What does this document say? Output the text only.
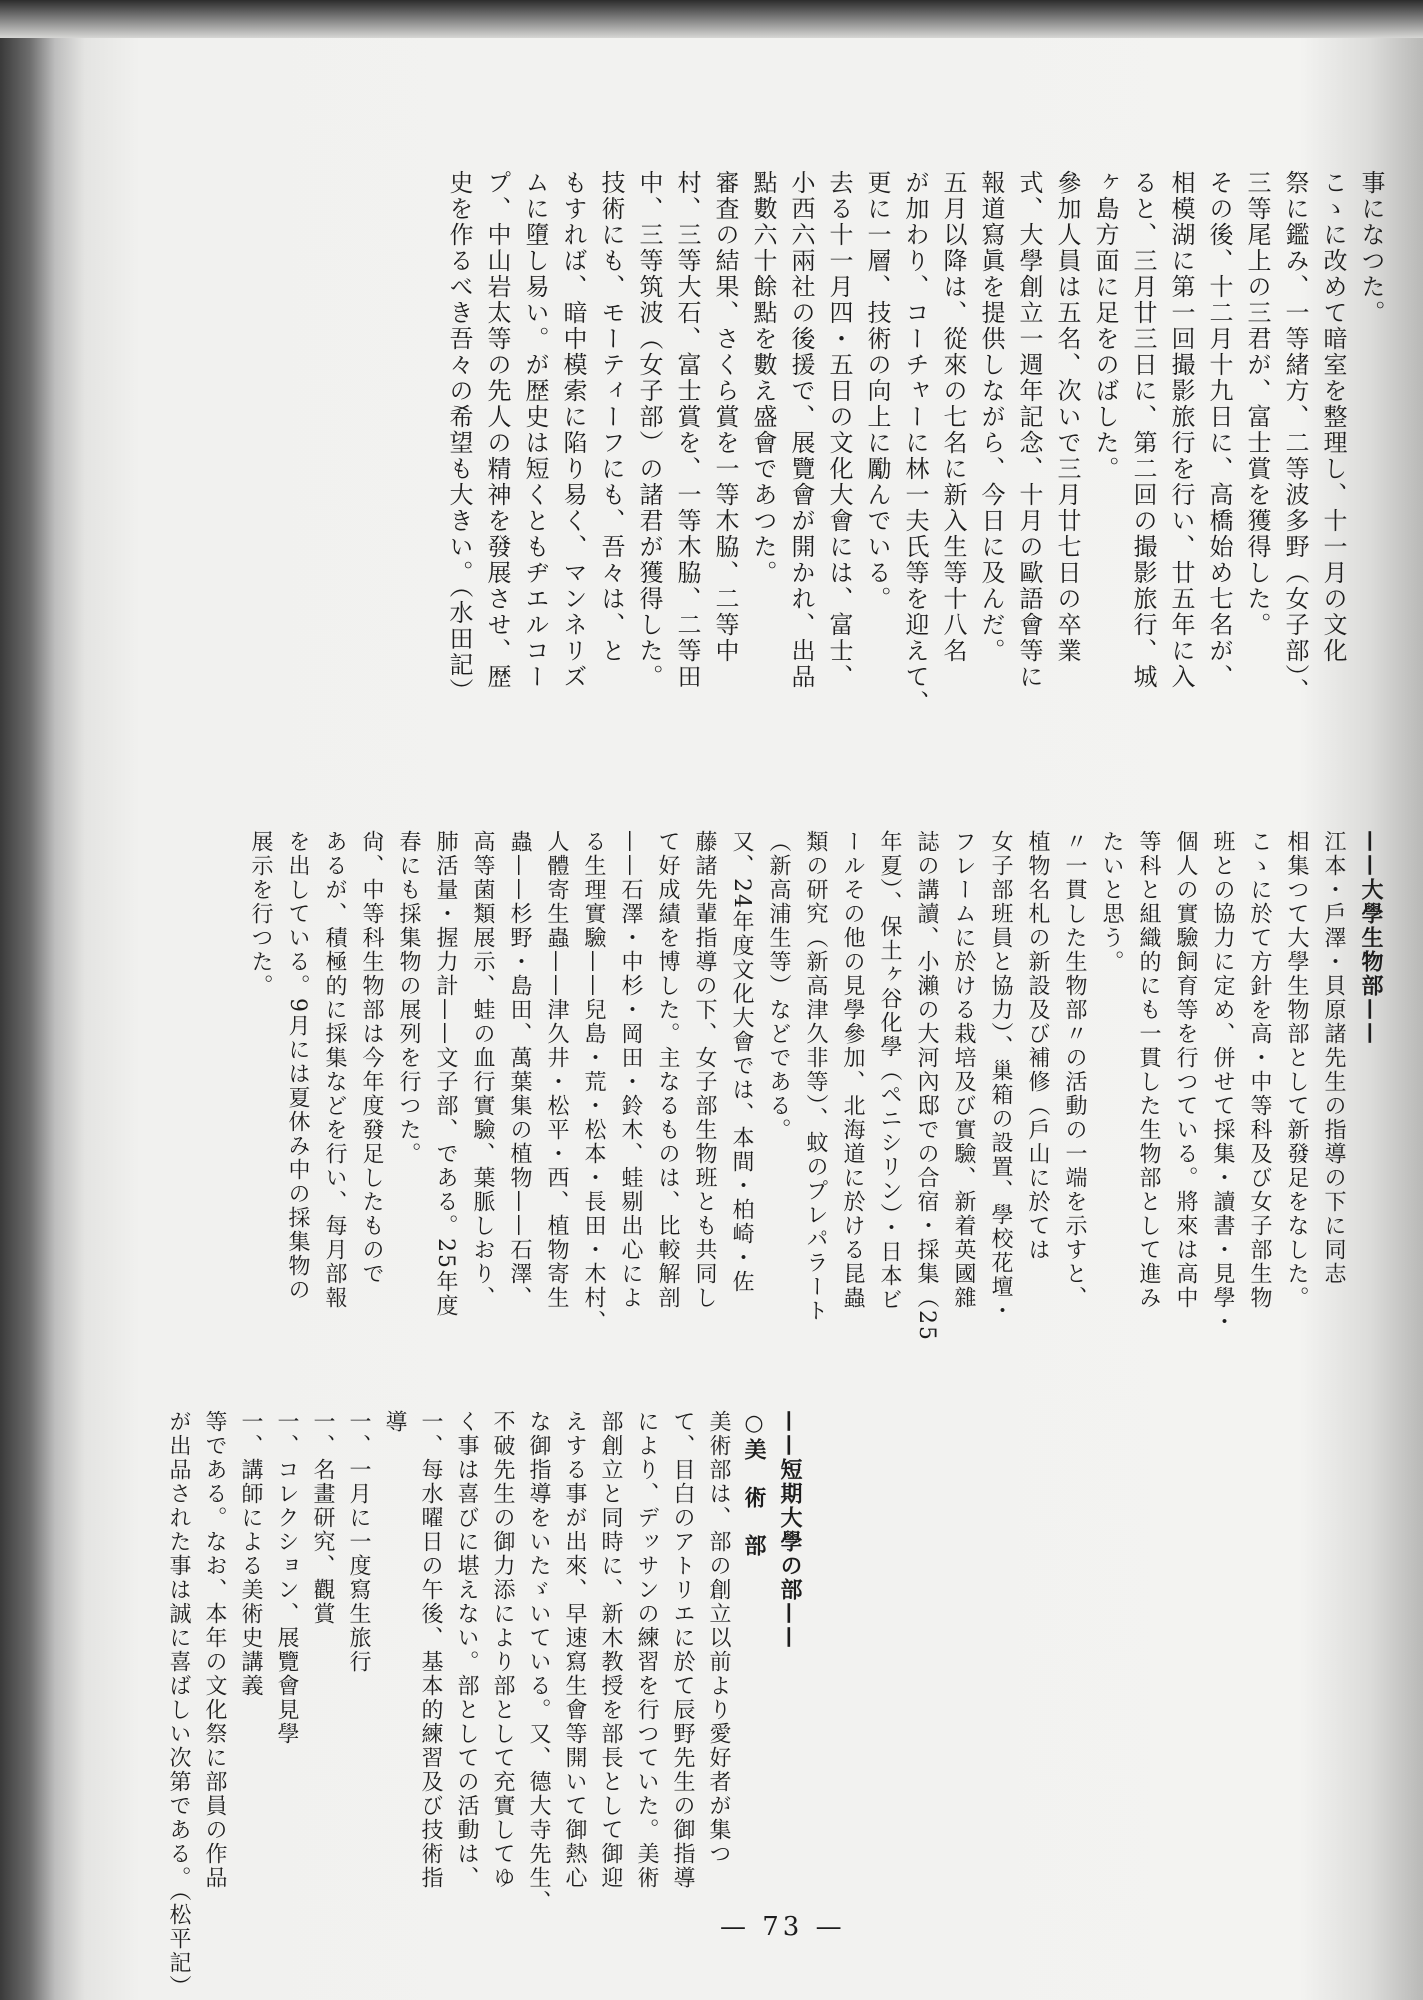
事になつた。
こゝに改めて暗室を整理し、十一月の文化
祭に鑑み、一等緒方、二等波多野（女子部）、
三等尾上の三君が、富士賞を獲得した。
その後、十二月十九日に、高橋始め七名が、
相模湖に第一回撮影旅行を行い、廿五年に入
ると、三月廿三日に、第二回の撮影旅行、城
ヶ島方面に足をのばした。
參加人員は五名、次いで三月廿七日の卒業
式、大學創立一週年記念、十月の歐語會等に
報道寫眞を提供しながら、今日に及んだ。
五月以降は、從來の七名に新入生等十八名
が加わり、コーチャーに林一夫氏等を迎えて、
更に一層、技術の向上に勵んでいる。
去る十一月四・五日の文化大會には、富士、
小西六兩社の後援で、展覽會が開かれ、出品
點數六十餘點を數え盛會であつた。
審査の結果、さくら賞を一等木脇、二等中
村、三等大石、富士賞を、一等木脇、二等田
中、三等筑波（女子部）の諸君が獲得した。
技術にも、モーティーフにも、吾々は、と
もすれば、暗中模索に陷り易く、マンネリズ
ムに墮し易い。が歴史は短くともヂエルコー
プ、中山岩太等の先人の精神を發展させ、歴
史を作るべき吾々の希望も大きい。（水田記）
——大學生物部——
江本・戶澤・貝原諸先生の指導の下に同志
相集つて大學生物部として新發足をなした。
こゝに於て方針を高・中等科及び女子部生物
班との協力に定め、併せて採集・讀書・見學・
個人の實驗飼育等を行つている。將來は高中
等科と組織的にも一貫した生物部として進み
たいと思う。
〃一貫した生物部〃の活動の一端を示すと、
植物名札の新設及び補修（戶山に於ては
女子部班員と協力）、巢箱の設置、學校花壇・
フレームに於ける栽培及び實驗、新着英國雜
誌の講讀、小瀨の大河內邸での合宿・採集（25
年夏）、保土ヶ谷化學（ペニシリン）・日本ビ
ールその他の見學參加、北海道に於ける昆蟲
類の研究（新高津久非等）、蚊のプレパラート
（新高浦生等）などである。
又、24年度文化大會では、本間・柏崎・佐
藤諸先輩指導の下、女子部生物班とも共同し
て好成績を博した。主なるものは、比較解剖
——石澤・中杉・岡田・鈴木、蛙剔出心によ
る生理實驗——兒島・荒・松本・長田・木村、
人體寄生蟲——津久井・松平・西、植物寄生
蟲——杉野・島田、萬葉集の植物——石澤、
高等菌類展示、蛙の血行實驗、葉脈しおり、
肺活量・握力計——文子部、である。25年度
春にも採集物の展列を行つた。
尙、中等科生物部は今年度發足したもので
あるが、積極的に採集などを行い、每月部報
を出している。9月には夏休み中の採集物の
展示を行つた。
——短期大學の部——
○美　術　部
美術部は、部の創立以前より愛好者が集つ
て、目白のアトリエに於て辰野先生の御指導
により、デッサンの練習を行つていた。美術
部創立と同時に、新木教授を部長として御迎
えする事が出來、早速寫生會等開いて御熱心
な御指導をいたゞいている。又、德大寺先生、
不破先生の御力添により部として充實してゆ
く事は喜びに堪えない。部としての活動は、
一、每水曜日の午後、基本的練習及び技術指
導
一、一月に一度寫生旅行
一、名畫研究、觀賞
一、コレクション、展覽會見學
一、講師による美術史講義
等である。なお、本年の文化祭に部員の作品
が出品された事は誠に喜ばしい次第である。（松平記）	— 73 —
